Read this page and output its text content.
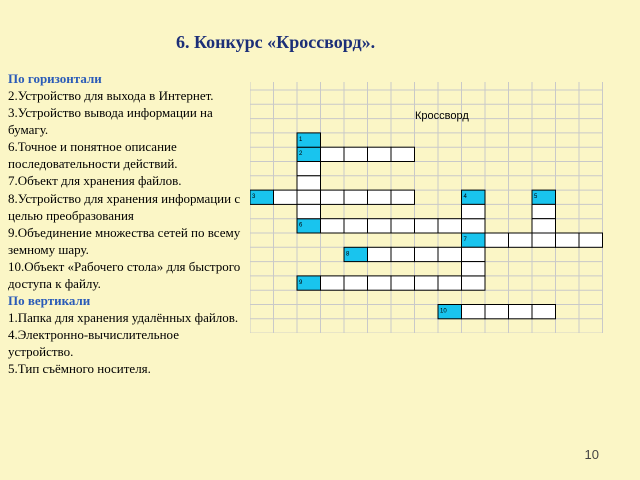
6. Конкурс «Кроссворд».
По горизонтали

2.Устройство для выхода в Интернет.

3.Устройство вывода информации на бумагу.

6.Точное и понятное описание последовательности действий.

7.Объект для хранения файлов.

8.Устройство для хранения информации с целью преобразования

9.Объединение множества сетей по всему земному шару.

10.Объект «Рабочего стола» для быстрого доступа к файлу.

По вертикали

1.Папка для хранения удалённых файлов.

4.Электронно-вычислительное устройство.

5.Тип съёмного носителя.

Кроссворд
2
3
6
7
8
9
10
1
4	5
10
